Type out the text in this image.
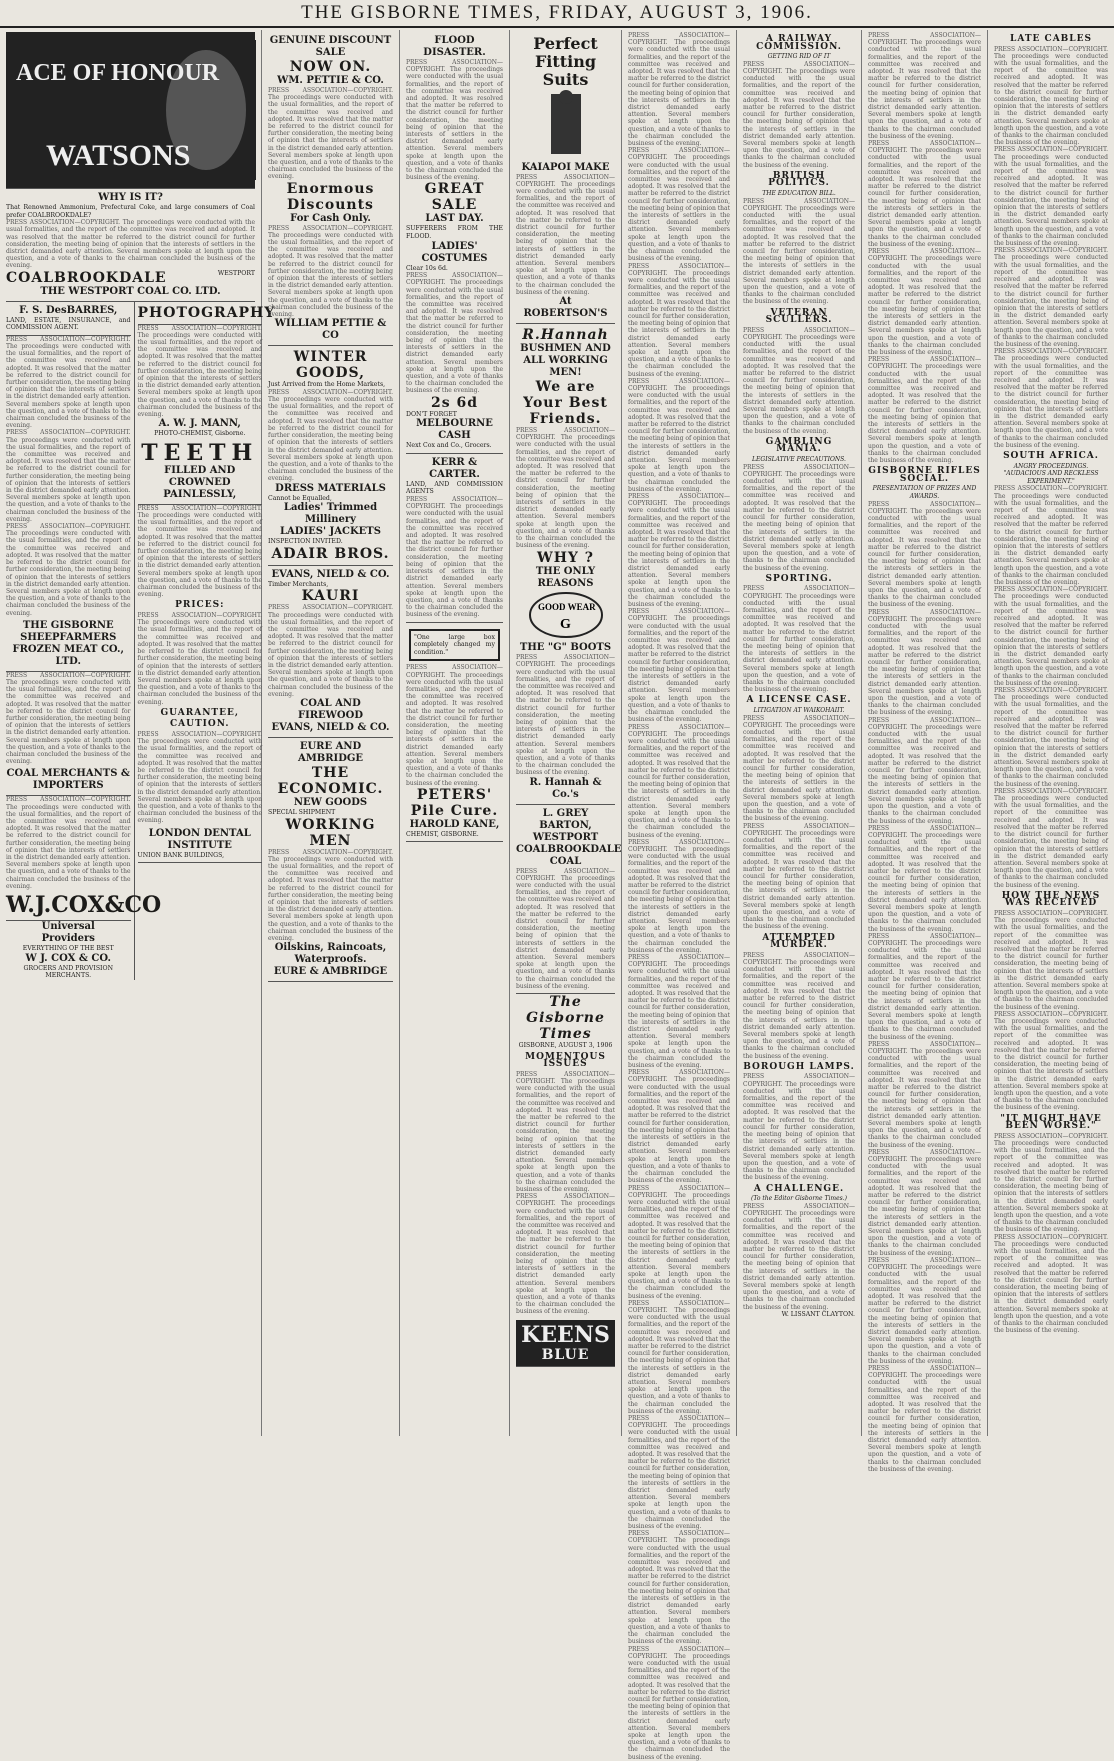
THE GISBORNE TIMES, FRIDAY, AUGUST 3, 1906.
ACE OF HONOUR
WATSONS
WHY IS IT?
That Renowned Ammonium, Prefectural Coke, and large consumers of Coal prefer COALBROOKDALE?
PRESS ASSOCIATION—COPYRIGHT. The proceedings were conducted with the usual formalities, and the report of the committee was received and adopted. It was resolved that the matter be referred to the district council for further consideration, the meeting being of opinion that the interests of settlers in the district demanded early attention. Several members spoke at length upon the question, and a vote of thanks to the chairman concluded the business of the evening.
COALBROOKDALE	WESTPORT
THE WESTPORT COAL CO. LTD.
F. S. DesBARRES,
LAND, ESTATE, INSURANCE, and COMMISSION AGENT.
PRESS ASSOCIATION—COPYRIGHT. The proceedings were conducted with the usual formalities, and the report of the committee was received and adopted. It was resolved that the matter be referred to the district council for further consideration, the meeting being of opinion that the interests of settlers in the district demanded early attention. Several members spoke at length upon the question, and a vote of thanks to the chairman concluded the business of the evening.
PRESS ASSOCIATION—COPYRIGHT. The proceedings were conducted with the usual formalities, and the report of the committee was received and adopted. It was resolved that the matter be referred to the district council for further consideration, the meeting being of opinion that the interests of settlers in the district demanded early attention. Several members spoke at length upon the question, and a vote of thanks to the chairman concluded the business of the evening.
PRESS ASSOCIATION—COPYRIGHT. The proceedings were conducted with the usual formalities, and the report of the committee was received and adopted. It was resolved that the matter be referred to the district council for further consideration, the meeting being of opinion that the interests of settlers in the district demanded early attention. Several members spoke at length upon the question, and a vote of thanks to the chairman concluded the business of the evening.
THE GISBORNE SHEEPFARMERS FROZEN MEAT CO., LTD.
PRESS ASSOCIATION—COPYRIGHT. The proceedings were conducted with the usual formalities, and the report of the committee was received and adopted. It was resolved that the matter be referred to the district council for further consideration, the meeting being of opinion that the interests of settlers in the district demanded early attention. Several members spoke at length upon the question, and a vote of thanks to the chairman concluded the business of the evening.
COAL MERCHANTS & IMPORTERS
PRESS ASSOCIATION—COPYRIGHT. The proceedings were conducted with the usual formalities, and the report of the committee was received and adopted. It was resolved that the matter be referred to the district council for further consideration, the meeting being of opinion that the interests of settlers in the district demanded early attention. Several members spoke at length upon the question, and a vote of thanks to the chairman concluded the business of the evening.
W.J.COX&CO
Universal
Providers
EVERYTHING OF THE BEST
W J. COX & CO.
GROCERS AND PROVISION MERCHANTS.
PHOTOGRAPHY
PRESS ASSOCIATION—COPYRIGHT. The proceedings were conducted with the usual formalities, and the report of the committee was received and adopted. It was resolved that the matter be referred to the district council for further consideration, the meeting being of opinion that the interests of settlers in the district demanded early attention. Several members spoke at length upon the question, and a vote of thanks to the chairman concluded the business of the evening.
A. W. J. MANN,
PHOTO-CHEMIST, Gisborne.
TEETH
FILLED AND CROWNED PAINLESSLY,
PRESS ASSOCIATION—COPYRIGHT. The proceedings were conducted with the usual formalities, and the report of the committee was received and adopted. It was resolved that the matter be referred to the district council for further consideration, the meeting being of opinion that the interests of settlers in the district demanded early attention. Several members spoke at length upon the question, and a vote of thanks to the chairman concluded the business of the evening.
PRICES:
PRESS ASSOCIATION—COPYRIGHT. The proceedings were conducted with the usual formalities, and the report of the committee was received and adopted. It was resolved that the matter be referred to the district council for further consideration, the meeting being of opinion that the interests of settlers in the district demanded early attention. Several members spoke at length upon the question, and a vote of thanks to the chairman concluded the business of the evening.
GUARANTEE,
CAUTION.
PRESS ASSOCIATION—COPYRIGHT. The proceedings were conducted with the usual formalities, and the report of the committee was received and adopted. It was resolved that the matter be referred to the district council for further consideration, the meeting being of opinion that the interests of settlers in the district demanded early attention. Several members spoke at length upon the question, and a vote of thanks to the chairman concluded the business of the evening.
LONDON DENTAL INSTITUTE
UNION BANK BUILDINGS,
GENUINE DISCOUNT SALE
NOW ON.
WM. PETTIE & CO.
PRESS ASSOCIATION—COPYRIGHT. The proceedings were conducted with the usual formalities, and the report of the committee was received and adopted. It was resolved that the matter be referred to the district council for further consideration, the meeting being of opinion that the interests of settlers in the district demanded early attention. Several members spoke at length upon the question, and a vote of thanks to the chairman concluded the business of the evening.
Enormous
Discounts
For Cash Only.
PRESS ASSOCIATION—COPYRIGHT. The proceedings were conducted with the usual formalities, and the report of the committee was received and adopted. It was resolved that the matter be referred to the district council for further consideration, the meeting being of opinion that the interests of settlers in the district demanded early attention. Several members spoke at length upon the question, and a vote of thanks to the chairman concluded the business of the evening.
WILLIAM PETTIE & CO
WINTER GOODS,
Just Arrived from the Home Markets,
PRESS ASSOCIATION—COPYRIGHT. The proceedings were conducted with the usual formalities, and the report of the committee was received and adopted. It was resolved that the matter be referred to the district council for further consideration, the meeting being of opinion that the interests of settlers in the district demanded early attention. Several members spoke at length upon the question, and a vote of thanks to the chairman concluded the business of the evening.
DRESS MATERIALS
Cannot be Equalled,
Ladies' Trimmed Millinery
LADIES' JACKETS
INSPECTION INVITED.
ADAIR BROS.
EVANS, NIELD & CO.
Timber Merchants,
KAURI
PRESS ASSOCIATION—COPYRIGHT. The proceedings were conducted with the usual formalities, and the report of the committee was received and adopted. It was resolved that the matter be referred to the district council for further consideration, the meeting being of opinion that the interests of settlers in the district demanded early attention. Several members spoke at length upon the question, and a vote of thanks to the chairman concluded the business of the evening.
COAL AND FIREWOOD
EVANS, NIELD & CO.
EURE AND AMBRIDGE
THE ECONOMIC.
NEW GOODS
SPECIAL SHIPMENT
WORKING MEN
PRESS ASSOCIATION—COPYRIGHT. The proceedings were conducted with the usual formalities, and the report of the committee was received and adopted. It was resolved that the matter be referred to the district council for further consideration, the meeting being of opinion that the interests of settlers in the district demanded early attention. Several members spoke at length upon the question, and a vote of thanks to the chairman concluded the business of the evening.
Oilskins, Raincoats, Waterproofs.
EURE & AMBRIDGE
FLOOD DISASTER.
PRESS ASSOCIATION—COPYRIGHT. The proceedings were conducted with the usual formalities, and the report of the committee was received and adopted. It was resolved that the matter be referred to the district council for further consideration, the meeting being of opinion that the interests of settlers in the district demanded early attention. Several members spoke at length upon the question, and a vote of thanks to the chairman concluded the business of the evening.
GREAT SALE
LAST DAY.
SUFFERERS FROM THE FLOOD.
LADIES' COSTUMES
Clear 10s 6d.
PRESS ASSOCIATION—COPYRIGHT. The proceedings were conducted with the usual formalities, and the report of the committee was received and adopted. It was resolved that the matter be referred to the district council for further consideration, the meeting being of opinion that the interests of settlers in the district demanded early attention. Several members spoke at length upon the question, and a vote of thanks to the chairman concluded the business of the evening.
2s 6d
DON'T FORGET
MELBOURNE CASH
Next Cox and Co., Grocers.
KERR & CARTER.
LAND, AND COMMISSION AGENTS
PRESS ASSOCIATION—COPYRIGHT. The proceedings were conducted with the usual formalities, and the report of the committee was received and adopted. It was resolved that the matter be referred to the district council for further consideration, the meeting being of opinion that the interests of settlers in the district demanded early attention. Several members spoke at length upon the question, and a vote of thanks to the chairman concluded the business of the evening.
"One large box completely changed my condition."
PRESS ASSOCIATION—COPYRIGHT. The proceedings were conducted with the usual formalities, and the report of the committee was received and adopted. It was resolved that the matter be referred to the district council for further consideration, the meeting being of opinion that the interests of settlers in the district demanded early attention. Several members spoke at length upon the question, and a vote of thanks to the chairman concluded the business of the evening.
PETERS'
Pile Cure.
HAROLD KANE,
CHEMIST, GISBORNE.
Perfect Fitting Suits
KAIAPOI MAKE
PRESS ASSOCIATION—COPYRIGHT. The proceedings were conducted with the usual formalities, and the report of the committee was received and adopted. It was resolved that the matter be referred to the district council for further consideration, the meeting being of opinion that the interests of settlers in the district demanded early attention. Several members spoke at length upon the question, and a vote of thanks to the chairman concluded the business of the evening.
At ROBERTSON'S
R.Hannah
BUSHMEN AND ALL WORKING MEN!
We are Your Best Friends.
PRESS ASSOCIATION—COPYRIGHT. The proceedings were conducted with the usual formalities, and the report of the committee was received and adopted. It was resolved that the matter be referred to the district council for further consideration, the meeting being of opinion that the interests of settlers in the district demanded early attention. Several members spoke at length upon the question, and a vote of thanks to the chairman concluded the business of the evening.
WHY ?
THE ONLY REASONS
GOOD WEAR
G
THE "G" BOOTS
PRESS ASSOCIATION—COPYRIGHT. The proceedings were conducted with the usual formalities, and the report of the committee was received and adopted. It was resolved that the matter be referred to the district council for further consideration, the meeting being of opinion that the interests of settlers in the district demanded early attention. Several members spoke at length upon the question, and a vote of thanks to the chairman concluded the business of the evening.
R. Hannah & Co.'s
L. GREY BARTON,
WESTPORT COALBROOKDALE COAL
PRESS ASSOCIATION—COPYRIGHT. The proceedings were conducted with the usual formalities, and the report of the committee was received and adopted. It was resolved that the matter be referred to the district council for further consideration, the meeting being of opinion that the interests of settlers in the district demanded early attention. Several members spoke at length upon the question, and a vote of thanks to the chairman concluded the business of the evening.
The Gisborne Times
GISBORNE, AUGUST 3, 1906
MOMENTOUS ISSUES
PRESS ASSOCIATION—COPYRIGHT. The proceedings were conducted with the usual formalities, and the report of the committee was received and adopted. It was resolved that the matter be referred to the district council for further consideration, the meeting being of opinion that the interests of settlers in the district demanded early attention. Several members spoke at length upon the question, and a vote of thanks to the chairman concluded the business of the evening.
PRESS ASSOCIATION—COPYRIGHT. The proceedings were conducted with the usual formalities, and the report of the committee was received and adopted. It was resolved that the matter be referred to the district council for further consideration, the meeting being of opinion that the interests of settlers in the district demanded early attention. Several members spoke at length upon the question, and a vote of thanks to the chairman concluded the business of the evening.
KEENS
BLUE
PRESS ASSOCIATION—COPYRIGHT. The proceedings were conducted with the usual formalities, and the report of the committee was received and adopted. It was resolved that the matter be referred to the district council for further consideration, the meeting being of opinion that the interests of settlers in the district demanded early attention. Several members spoke at length upon the question, and a vote of thanks to the chairman concluded the business of the evening.
PRESS ASSOCIATION—COPYRIGHT. The proceedings were conducted with the usual formalities, and the report of the committee was received and adopted. It was resolved that the matter be referred to the district council for further consideration, the meeting being of opinion that the interests of settlers in the district demanded early attention. Several members spoke at length upon the question, and a vote of thanks to the chairman concluded the business of the evening.
PRESS ASSOCIATION—COPYRIGHT. The proceedings were conducted with the usual formalities, and the report of the committee was received and adopted. It was resolved that the matter be referred to the district council for further consideration, the meeting being of opinion that the interests of settlers in the district demanded early attention. Several members spoke at length upon the question, and a vote of thanks to the chairman concluded the business of the evening.
PRESS ASSOCIATION—COPYRIGHT. The proceedings were conducted with the usual formalities, and the report of the committee was received and adopted. It was resolved that the matter be referred to the district council for further consideration, the meeting being of opinion that the interests of settlers in the district demanded early attention. Several members spoke at length upon the question, and a vote of thanks to the chairman concluded the business of the evening.
PRESS ASSOCIATION—COPYRIGHT. The proceedings were conducted with the usual formalities, and the report of the committee was received and adopted. It was resolved that the matter be referred to the district council for further consideration, the meeting being of opinion that the interests of settlers in the district demanded early attention. Several members spoke at length upon the question, and a vote of thanks to the chairman concluded the business of the evening.
PRESS ASSOCIATION—COPYRIGHT. The proceedings were conducted with the usual formalities, and the report of the committee was received and adopted. It was resolved that the matter be referred to the district council for further consideration, the meeting being of opinion that the interests of settlers in the district demanded early attention. Several members spoke at length upon the question, and a vote of thanks to the chairman concluded the business of the evening.
PRESS ASSOCIATION—COPYRIGHT. The proceedings were conducted with the usual formalities, and the report of the committee was received and adopted. It was resolved that the matter be referred to the district council for further consideration, the meeting being of opinion that the interests of settlers in the district demanded early attention. Several members spoke at length upon the question, and a vote of thanks to the chairman concluded the business of the evening.
PRESS ASSOCIATION—COPYRIGHT. The proceedings were conducted with the usual formalities, and the report of the committee was received and adopted. It was resolved that the matter be referred to the district council for further consideration, the meeting being of opinion that the interests of settlers in the district demanded early attention. Several members spoke at length upon the question, and a vote of thanks to the chairman concluded the business of the evening.
PRESS ASSOCIATION—COPYRIGHT. The proceedings were conducted with the usual formalities, and the report of the committee was received and adopted. It was resolved that the matter be referred to the district council for further consideration, the meeting being of opinion that the interests of settlers in the district demanded early attention. Several members spoke at length upon the question, and a vote of thanks to the chairman concluded the business of the evening.
PRESS ASSOCIATION—COPYRIGHT. The proceedings were conducted with the usual formalities, and the report of the committee was received and adopted. It was resolved that the matter be referred to the district council for further consideration, the meeting being of opinion that the interests of settlers in the district demanded early attention. Several members spoke at length upon the question, and a vote of thanks to the chairman concluded the business of the evening.
PRESS ASSOCIATION—COPYRIGHT. The proceedings were conducted with the usual formalities, and the report of the committee was received and adopted. It was resolved that the matter be referred to the district council for further consideration, the meeting being of opinion that the interests of settlers in the district demanded early attention. Several members spoke at length upon the question, and a vote of thanks to the chairman concluded the business of the evening.
PRESS ASSOCIATION—COPYRIGHT. The proceedings were conducted with the usual formalities, and the report of the committee was received and adopted. It was resolved that the matter be referred to the district council for further consideration, the meeting being of opinion that the interests of settlers in the district demanded early attention. Several members spoke at length upon the question, and a vote of thanks to the chairman concluded the business of the evening.
PRESS ASSOCIATION—COPYRIGHT. The proceedings were conducted with the usual formalities, and the report of the committee was received and adopted. It was resolved that the matter be referred to the district council for further consideration, the meeting being of opinion that the interests of settlers in the district demanded early attention. Several members spoke at length upon the question, and a vote of thanks to the chairman concluded the business of the evening.
PRESS ASSOCIATION—COPYRIGHT. The proceedings were conducted with the usual formalities, and the report of the committee was received and adopted. It was resolved that the matter be referred to the district council for further consideration, the meeting being of opinion that the interests of settlers in the district demanded early attention. Several members spoke at length upon the question, and a vote of thanks to the chairman concluded the business of the evening.
PRESS ASSOCIATION—COPYRIGHT. The proceedings were conducted with the usual formalities, and the report of the committee was received and adopted. It was resolved that the matter be referred to the district council for further consideration, the meeting being of opinion that the interests of settlers in the district demanded early attention. Several members spoke at length upon the question, and a vote of thanks to the chairman concluded the business of the evening.
A RAILWAY COMMISSION.
GETTING RID OF IT
PRESS ASSOCIATION—COPYRIGHT. The proceedings were conducted with the usual formalities, and the report of the committee was received and adopted. It was resolved that the matter be referred to the district council for further consideration, the meeting being of opinion that the interests of settlers in the district demanded early attention. Several members spoke at length upon the question, and a vote of thanks to the chairman concluded the business of the evening.
BRITISH POLITICS.
THE EDUCATION BILL.
PRESS ASSOCIATION—COPYRIGHT. The proceedings were conducted with the usual formalities, and the report of the committee was received and adopted. It was resolved that the matter be referred to the district council for further consideration, the meeting being of opinion that the interests of settlers in the district demanded early attention. Several members spoke at length upon the question, and a vote of thanks to the chairman concluded the business of the evening.
VETERAN SCULLERS.
PRESS ASSOCIATION—COPYRIGHT. The proceedings were conducted with the usual formalities, and the report of the committee was received and adopted. It was resolved that the matter be referred to the district council for further consideration, the meeting being of opinion that the interests of settlers in the district demanded early attention. Several members spoke at length upon the question, and a vote of thanks to the chairman concluded the business of the evening.
GAMBLING MANIA.
LEGISLATIVE PRECAUTIONS.
PRESS ASSOCIATION—COPYRIGHT. The proceedings were conducted with the usual formalities, and the report of the committee was received and adopted. It was resolved that the matter be referred to the district council for further consideration, the meeting being of opinion that the interests of settlers in the district demanded early attention. Several members spoke at length upon the question, and a vote of thanks to the chairman concluded the business of the evening.
SPORTING.
PRESS ASSOCIATION—COPYRIGHT. The proceedings were conducted with the usual formalities, and the report of the committee was received and adopted. It was resolved that the matter be referred to the district council for further consideration, the meeting being of opinion that the interests of settlers in the district demanded early attention. Several members spoke at length upon the question, and a vote of thanks to the chairman concluded the business of the evening.
A LICENSE CASE.
LITIGATION AT WAIKOHAIIT.
PRESS ASSOCIATION—COPYRIGHT. The proceedings were conducted with the usual formalities, and the report of the committee was received and adopted. It was resolved that the matter be referred to the district council for further consideration, the meeting being of opinion that the interests of settlers in the district demanded early attention. Several members spoke at length upon the question, and a vote of thanks to the chairman concluded the business of the evening.
PRESS ASSOCIATION—COPYRIGHT. The proceedings were conducted with the usual formalities, and the report of the committee was received and adopted. It was resolved that the matter be referred to the district council for further consideration, the meeting being of opinion that the interests of settlers in the district demanded early attention. Several members spoke at length upon the question, and a vote of thanks to the chairman concluded the business of the evening.
ATTEMPTED MURDER.
PRESS ASSOCIATION—COPYRIGHT. The proceedings were conducted with the usual formalities, and the report of the committee was received and adopted. It was resolved that the matter be referred to the district council for further consideration, the meeting being of opinion that the interests of settlers in the district demanded early attention. Several members spoke at length upon the question, and a vote of thanks to the chairman concluded the business of the evening.
BOROUGH LAMPS.
PRESS ASSOCIATION—COPYRIGHT. The proceedings were conducted with the usual formalities, and the report of the committee was received and adopted. It was resolved that the matter be referred to the district council for further consideration, the meeting being of opinion that the interests of settlers in the district demanded early attention. Several members spoke at length upon the question, and a vote of thanks to the chairman concluded the business of the evening.
A CHALLENGE.
(To the Editor Gisborne Times.)
PRESS ASSOCIATION—COPYRIGHT. The proceedings were conducted with the usual formalities, and the report of the committee was received and adopted. It was resolved that the matter be referred to the district council for further consideration, the meeting being of opinion that the interests of settlers in the district demanded early attention. Several members spoke at length upon the question, and a vote of thanks to the chairman concluded the business of the evening.
W. LISSANT CLAYTON.
PRESS ASSOCIATION—COPYRIGHT. The proceedings were conducted with the usual formalities, and the report of the committee was received and adopted. It was resolved that the matter be referred to the district council for further consideration, the meeting being of opinion that the interests of settlers in the district demanded early attention. Several members spoke at length upon the question, and a vote of thanks to the chairman concluded the business of the evening.
PRESS ASSOCIATION—COPYRIGHT. The proceedings were conducted with the usual formalities, and the report of the committee was received and adopted. It was resolved that the matter be referred to the district council for further consideration, the meeting being of opinion that the interests of settlers in the district demanded early attention. Several members spoke at length upon the question, and a vote of thanks to the chairman concluded the business of the evening.
PRESS ASSOCIATION—COPYRIGHT. The proceedings were conducted with the usual formalities, and the report of the committee was received and adopted. It was resolved that the matter be referred to the district council for further consideration, the meeting being of opinion that the interests of settlers in the district demanded early attention. Several members spoke at length upon the question, and a vote of thanks to the chairman concluded the business of the evening.
PRESS ASSOCIATION—COPYRIGHT. The proceedings were conducted with the usual formalities, and the report of the committee was received and adopted. It was resolved that the matter be referred to the district council for further consideration, the meeting being of opinion that the interests of settlers in the district demanded early attention. Several members spoke at length upon the question, and a vote of thanks to the chairman concluded the business of the evening.
GISBORNE RIFLES SOCIAL.
PRESENTATION OF PRIZES AND AWARDS.
PRESS ASSOCIATION—COPYRIGHT. The proceedings were conducted with the usual formalities, and the report of the committee was received and adopted. It was resolved that the matter be referred to the district council for further consideration, the meeting being of opinion that the interests of settlers in the district demanded early attention. Several members spoke at length upon the question, and a vote of thanks to the chairman concluded the business of the evening.
PRESS ASSOCIATION—COPYRIGHT. The proceedings were conducted with the usual formalities, and the report of the committee was received and adopted. It was resolved that the matter be referred to the district council for further consideration, the meeting being of opinion that the interests of settlers in the district demanded early attention. Several members spoke at length upon the question, and a vote of thanks to the chairman concluded the business of the evening.
PRESS ASSOCIATION—COPYRIGHT. The proceedings were conducted with the usual formalities, and the report of the committee was received and adopted. It was resolved that the matter be referred to the district council for further consideration, the meeting being of opinion that the interests of settlers in the district demanded early attention. Several members spoke at length upon the question, and a vote of thanks to the chairman concluded the business of the evening.
PRESS ASSOCIATION—COPYRIGHT. The proceedings were conducted with the usual formalities, and the report of the committee was received and adopted. It was resolved that the matter be referred to the district council for further consideration, the meeting being of opinion that the interests of settlers in the district demanded early attention. Several members spoke at length upon the question, and a vote of thanks to the chairman concluded the business of the evening.
PRESS ASSOCIATION—COPYRIGHT. The proceedings were conducted with the usual formalities, and the report of the committee was received and adopted. It was resolved that the matter be referred to the district council for further consideration, the meeting being of opinion that the interests of settlers in the district demanded early attention. Several members spoke at length upon the question, and a vote of thanks to the chairman concluded the business of the evening.
PRESS ASSOCIATION—COPYRIGHT. The proceedings were conducted with the usual formalities, and the report of the committee was received and adopted. It was resolved that the matter be referred to the district council for further consideration, the meeting being of opinion that the interests of settlers in the district demanded early attention. Several members spoke at length upon the question, and a vote of thanks to the chairman concluded the business of the evening.
PRESS ASSOCIATION—COPYRIGHT. The proceedings were conducted with the usual formalities, and the report of the committee was received and adopted. It was resolved that the matter be referred to the district council for further consideration, the meeting being of opinion that the interests of settlers in the district demanded early attention. Several members spoke at length upon the question, and a vote of thanks to the chairman concluded the business of the evening.
PRESS ASSOCIATION—COPYRIGHT. The proceedings were conducted with the usual formalities, and the report of the committee was received and adopted. It was resolved that the matter be referred to the district council for further consideration, the meeting being of opinion that the interests of settlers in the district demanded early attention. Several members spoke at length upon the question, and a vote of thanks to the chairman concluded the business of the evening.
PRESS ASSOCIATION—COPYRIGHT. The proceedings were conducted with the usual formalities, and the report of the committee was received and adopted. It was resolved that the matter be referred to the district council for further consideration, the meeting being of opinion that the interests of settlers in the district demanded early attention. Several members spoke at length upon the question, and a vote of thanks to the chairman concluded the business of the evening.
LATE CABLES
PRESS ASSOCIATION—COPYRIGHT. The proceedings were conducted with the usual formalities, and the report of the committee was received and adopted. It was resolved that the matter be referred to the district council for further consideration, the meeting being of opinion that the interests of settlers in the district demanded early attention. Several members spoke at length upon the question, and a vote of thanks to the chairman concluded the business of the evening.
PRESS ASSOCIATION—COPYRIGHT. The proceedings were conducted with the usual formalities, and the report of the committee was received and adopted. It was resolved that the matter be referred to the district council for further consideration, the meeting being of opinion that the interests of settlers in the district demanded early attention. Several members spoke at length upon the question, and a vote of thanks to the chairman concluded the business of the evening.
PRESS ASSOCIATION—COPYRIGHT. The proceedings were conducted with the usual formalities, and the report of the committee was received and adopted. It was resolved that the matter be referred to the district council for further consideration, the meeting being of opinion that the interests of settlers in the district demanded early attention. Several members spoke at length upon the question, and a vote of thanks to the chairman concluded the business of the evening.
PRESS ASSOCIATION—COPYRIGHT. The proceedings were conducted with the usual formalities, and the report of the committee was received and adopted. It was resolved that the matter be referred to the district council for further consideration, the meeting being of opinion that the interests of settlers in the district demanded early attention. Several members spoke at length upon the question, and a vote of thanks to the chairman concluded the business of the evening.
SOUTH AFRICA.
ANGRY PROCEEDINGS.
"AUDACIOUS AND RECKLESS EXPERIMENT."
PRESS ASSOCIATION—COPYRIGHT. The proceedings were conducted with the usual formalities, and the report of the committee was received and adopted. It was resolved that the matter be referred to the district council for further consideration, the meeting being of opinion that the interests of settlers in the district demanded early attention. Several members spoke at length upon the question, and a vote of thanks to the chairman concluded the business of the evening.
PRESS ASSOCIATION—COPYRIGHT. The proceedings were conducted with the usual formalities, and the report of the committee was received and adopted. It was resolved that the matter be referred to the district council for further consideration, the meeting being of opinion that the interests of settlers in the district demanded early attention. Several members spoke at length upon the question, and a vote of thanks to the chairman concluded the business of the evening.
PRESS ASSOCIATION—COPYRIGHT. The proceedings were conducted with the usual formalities, and the report of the committee was received and adopted. It was resolved that the matter be referred to the district council for further consideration, the meeting being of opinion that the interests of settlers in the district demanded early attention. Several members spoke at length upon the question, and a vote of thanks to the chairman concluded the business of the evening.
PRESS ASSOCIATION—COPYRIGHT. The proceedings were conducted with the usual formalities, and the report of the committee was received and adopted. It was resolved that the matter be referred to the district council for further consideration, the meeting being of opinion that the interests of settlers in the district demanded early attention. Several members spoke at length upon the question, and a vote of thanks to the chairman concluded the business of the evening.
HOW THE NEWS WAS RECEIVED
PRESS ASSOCIATION—COPYRIGHT. The proceedings were conducted with the usual formalities, and the report of the committee was received and adopted. It was resolved that the matter be referred to the district council for further consideration, the meeting being of opinion that the interests of settlers in the district demanded early attention. Several members spoke at length upon the question, and a vote of thanks to the chairman concluded the business of the evening.
PRESS ASSOCIATION—COPYRIGHT. The proceedings were conducted with the usual formalities, and the report of the committee was received and adopted. It was resolved that the matter be referred to the district council for further consideration, the meeting being of opinion that the interests of settlers in the district demanded early attention. Several members spoke at length upon the question, and a vote of thanks to the chairman concluded the business of the evening.
"IT MIGHT HAVE BEEN WORSE."
PRESS ASSOCIATION—COPYRIGHT. The proceedings were conducted with the usual formalities, and the report of the committee was received and adopted. It was resolved that the matter be referred to the district council for further consideration, the meeting being of opinion that the interests of settlers in the district demanded early attention. Several members spoke at length upon the question, and a vote of thanks to the chairman concluded the business of the evening.
PRESS ASSOCIATION—COPYRIGHT. The proceedings were conducted with the usual formalities, and the report of the committee was received and adopted. It was resolved that the matter be referred to the district council for further consideration, the meeting being of opinion that the interests of settlers in the district demanded early attention. Several members spoke at length upon the question, and a vote of thanks to the chairman concluded the business of the evening.
